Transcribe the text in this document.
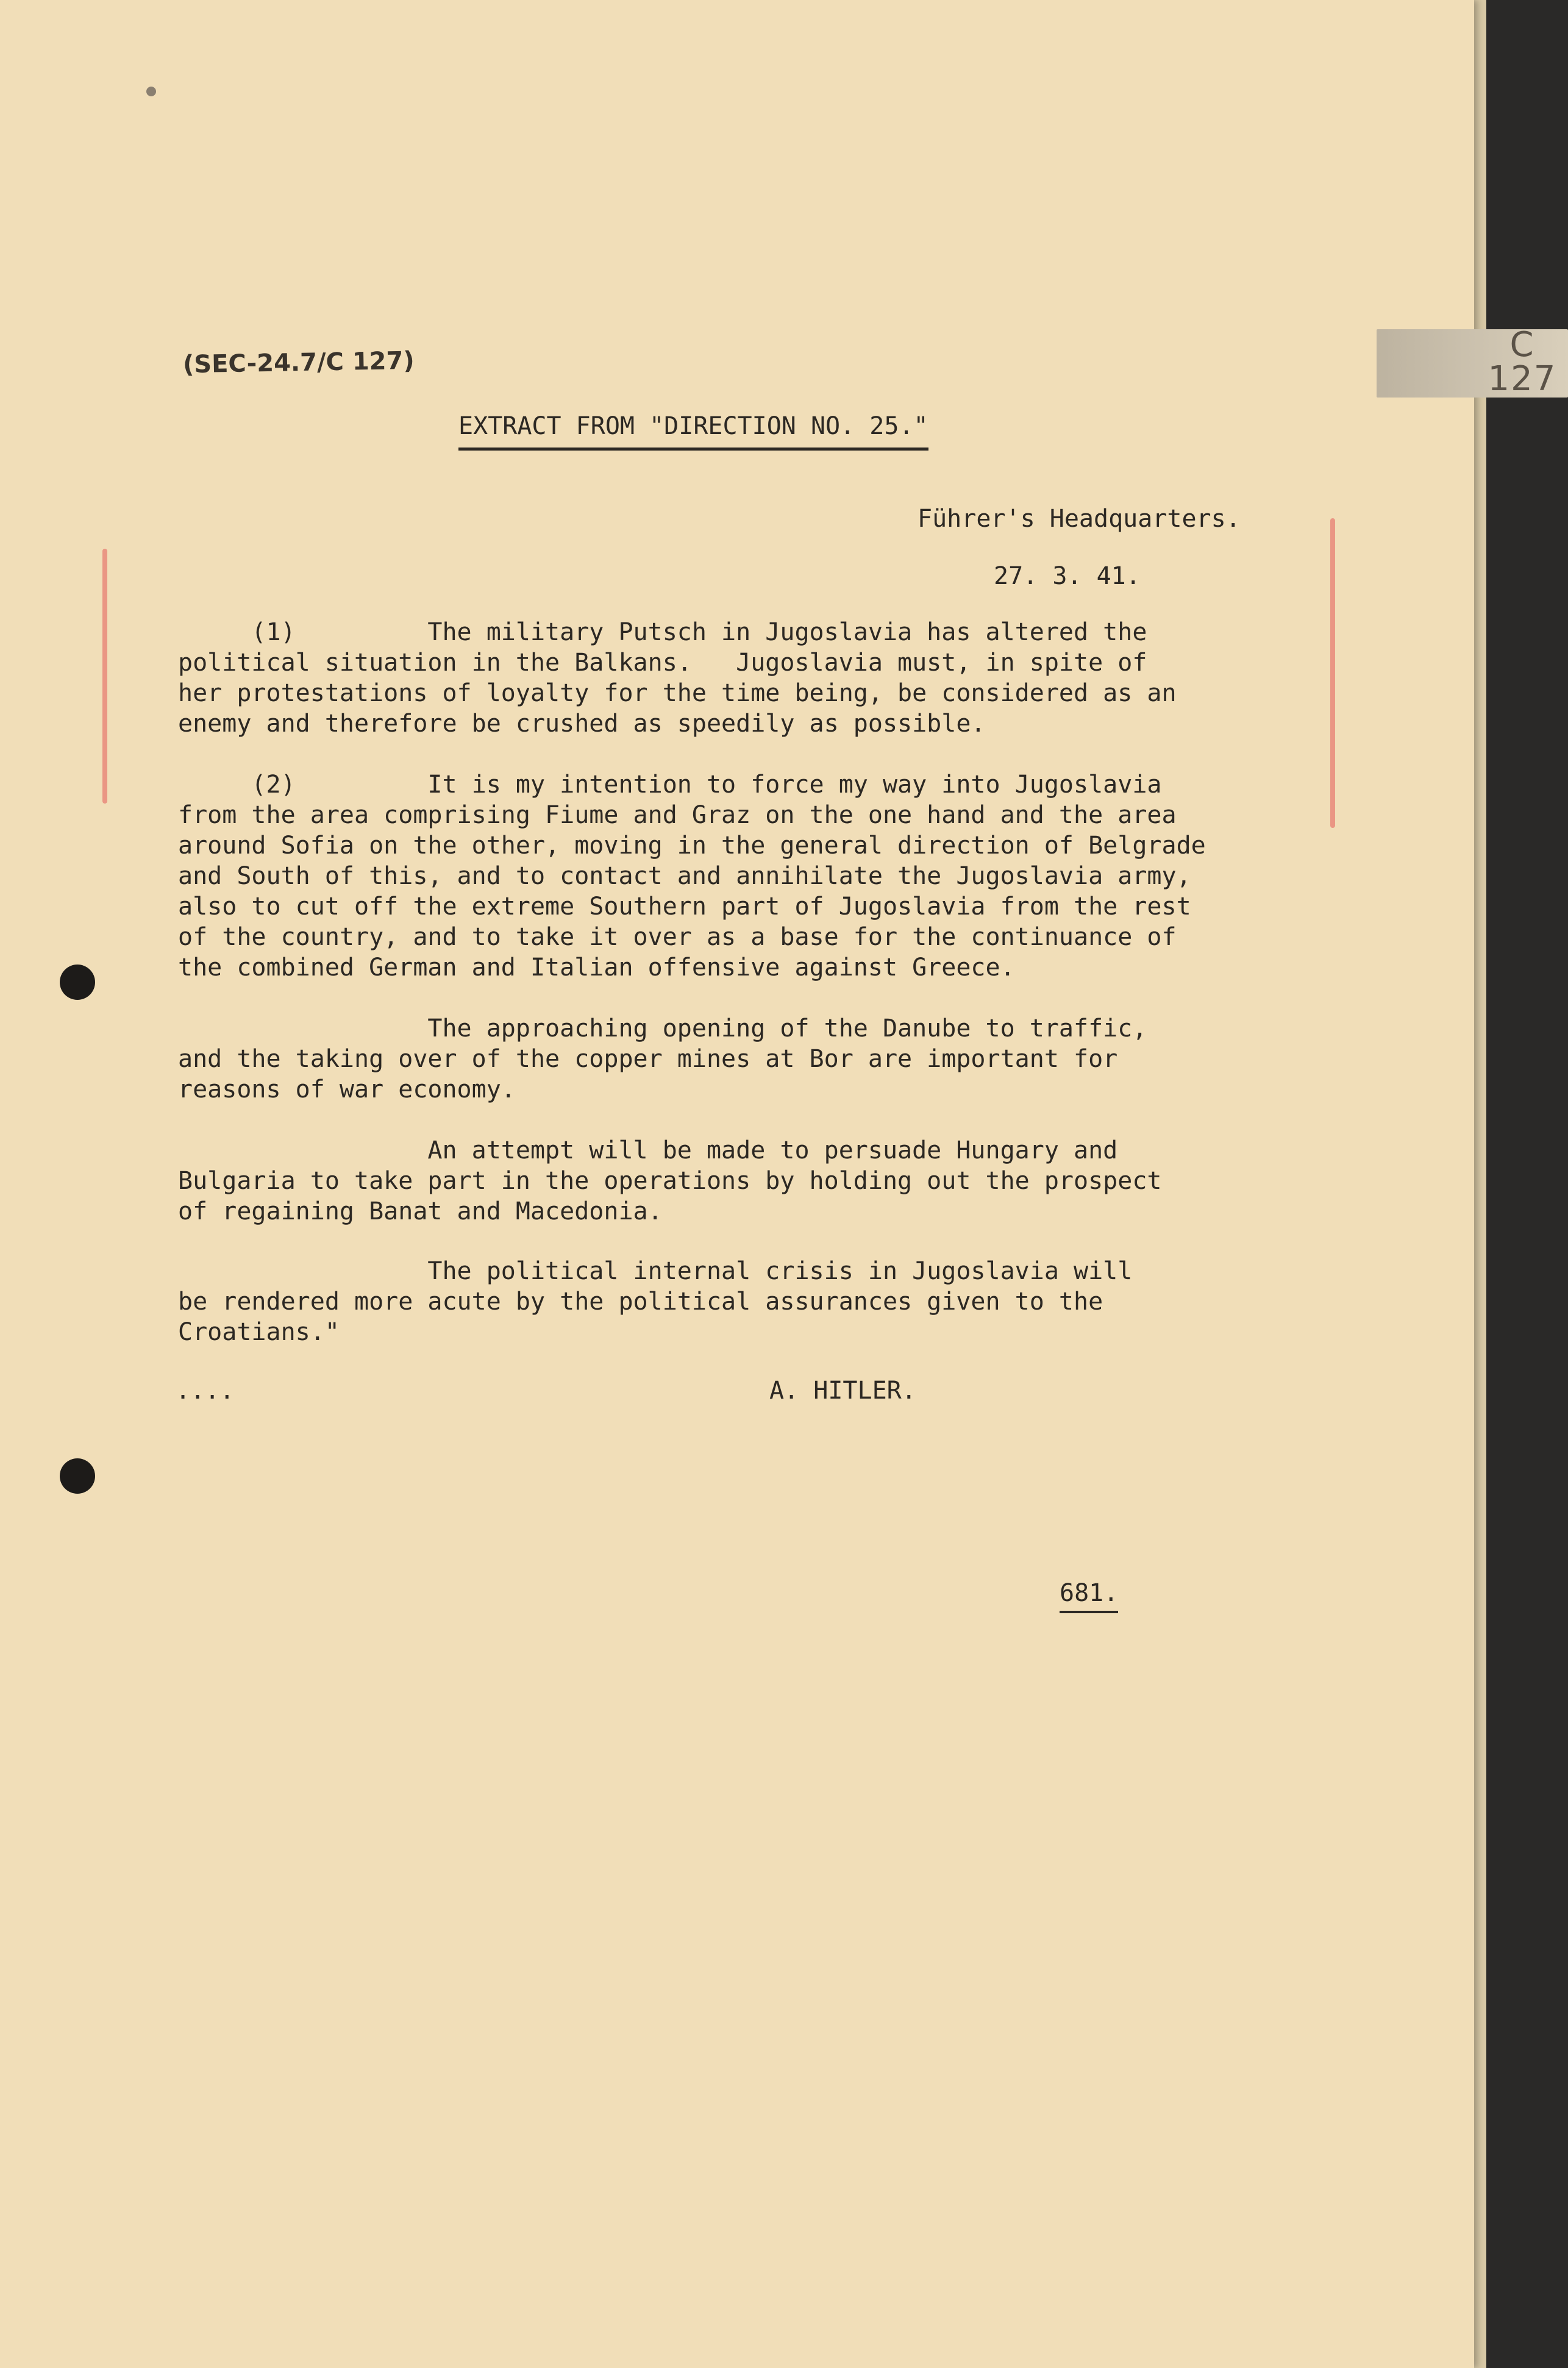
C
127
(SEC-24.7/C 127)
EXTRACT FROM "DIRECTION NO. 25."
Führer's Headquarters.
27. 3. 41.
(1)         The military Putsch in Jugoslavia has altered the
political situation in the Balkans.   Jugoslavia must, in spite of
her protestations of loyalty for the time being, be considered as an
enemy and therefore be crushed as speedily as possible.
(2)         It is my intention to force my way into Jugoslavia
from the area comprising Fiume and Graz on the one hand and the area
around Sofia on the other, moving in the general direction of Belgrade
and South of this, and to contact and annihilate the Jugoslavia army,
also to cut off the extreme Southern part of Jugoslavia from the rest
of the country, and to take it over as a base for the continuance of
the combined German and Italian offensive against Greece.
The approaching opening of the Danube to traffic,
and the taking over of the copper mines at Bor are important for
reasons of war economy.
An attempt will be made to persuade Hungary and
Bulgaria to take part in the operations by holding out the prospect
of regaining Banat and Macedonia.
The political internal crisis in Jugoslavia will
be rendered more acute by the political assurances given to the
Croatians."
....	A. HITLER.
681.
